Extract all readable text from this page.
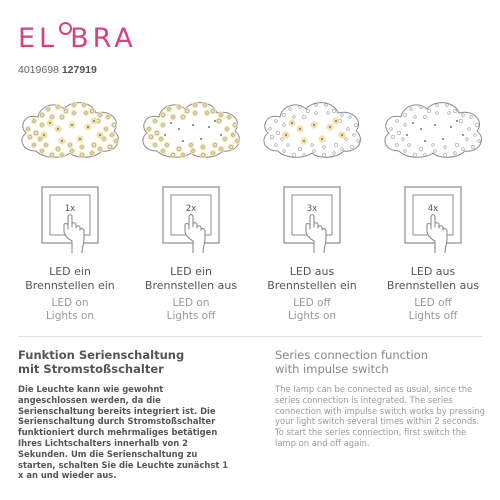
EL BRA
4019698 127919
1x
LED ein
Brennstellen ein
LED on
Lights on
2x
LED ein
Brennstellen aus
LED on
Lights off
3x
LED aus
Brennstellen ein
LED off
Lights on
4x
LED aus
Brennstellen aus
LED off
Lights off
Funktion Serienschaltung
mit Stromstoßschalter

Die Leuchte kann wie gewohnt angeschlossen werden, da die Serienschaltung bereits integriert ist. Die Serienschaltung durch Stromstoßschalter funktioniert durch mehrmaliges betätigen Ihres Lichtschalters innerhalb von 2 Sekunden. Um die Serienschaltung zu starten, schalten Sie die Leuchte zunächst 1 x an und wieder aus.

Series connection function
with impulse switch

The lamp can be connected as usual, since the series connection is integrated. The series connection with impulse switch works by pressing your light switch several times within 2 seconds. To start the series connection, first switch the lamp on and off again.
